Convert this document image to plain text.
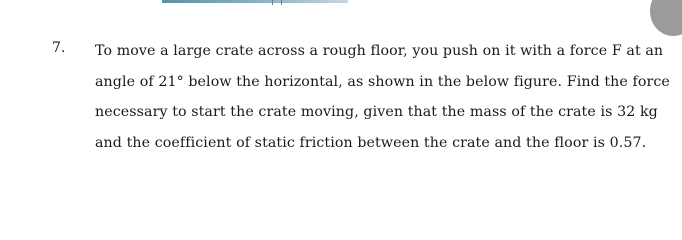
7. To move a large crate across a rough floor, you push on it with a force F at an
angle of 21° below the horizontal, as shown in the below figure. Find the force
necessary to start the crate moving, given that the mass of the crate is 32 kg
and the coefficient of static friction between the crate and the floor is 0.57.
